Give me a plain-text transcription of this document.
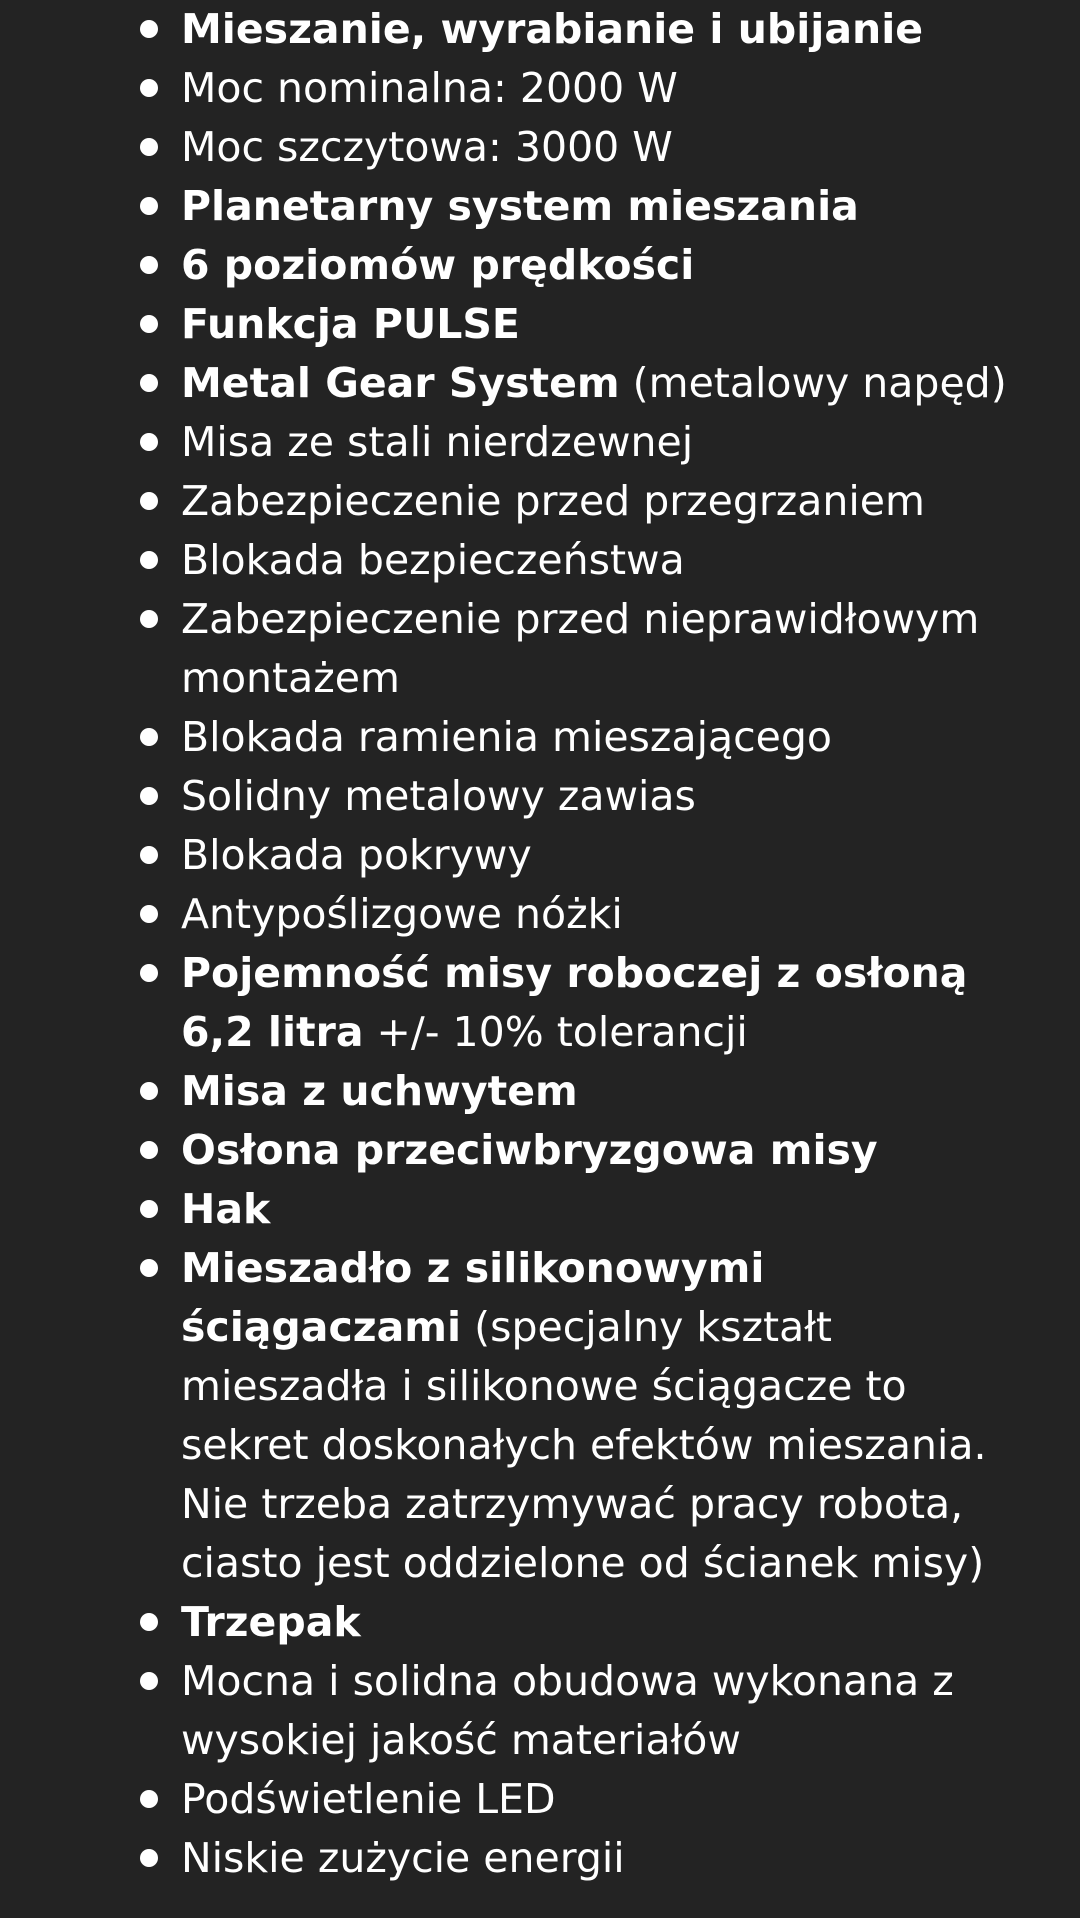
Mieszanie, wyrabianie i ubijanie
Moc nominalna: 2000 W
Moc szczytowa: 3000 W
Planetarny system mieszania
6 poziomów prędkości
Funkcja PULSE
Metal Gear System (metalowy napęd)
Misa ze stali nierdzewnej
Zabezpieczenie przed przegrzaniem
Blokada bezpieczeństwa
Zabezpieczenie przed nieprawidłowym montażem
Blokada ramienia mieszającego
Solidny metalowy zawias
Blokada pokrywy
Antypoślizgowe nóżki
Pojemność misy roboczej z osłoną 6,2 litra +/- 10% tolerancji
Misa z uchwytem
Osłona przeciwbryzgowa misy
Hak
Mieszadło z silikonowymi ściągaczami (specjalny kształt mieszadła i silikonowe ściągacze to sekret doskonałych efektów mieszania. Nie trzeba zatrzymywać pracy robota, ciasto jest oddzielone od ścianek misy)
Trzepak
Mocna i solidna obudowa wykonana z wysokiej jakość materiałów
Podświetlenie LED
Niskie zużycie energii
